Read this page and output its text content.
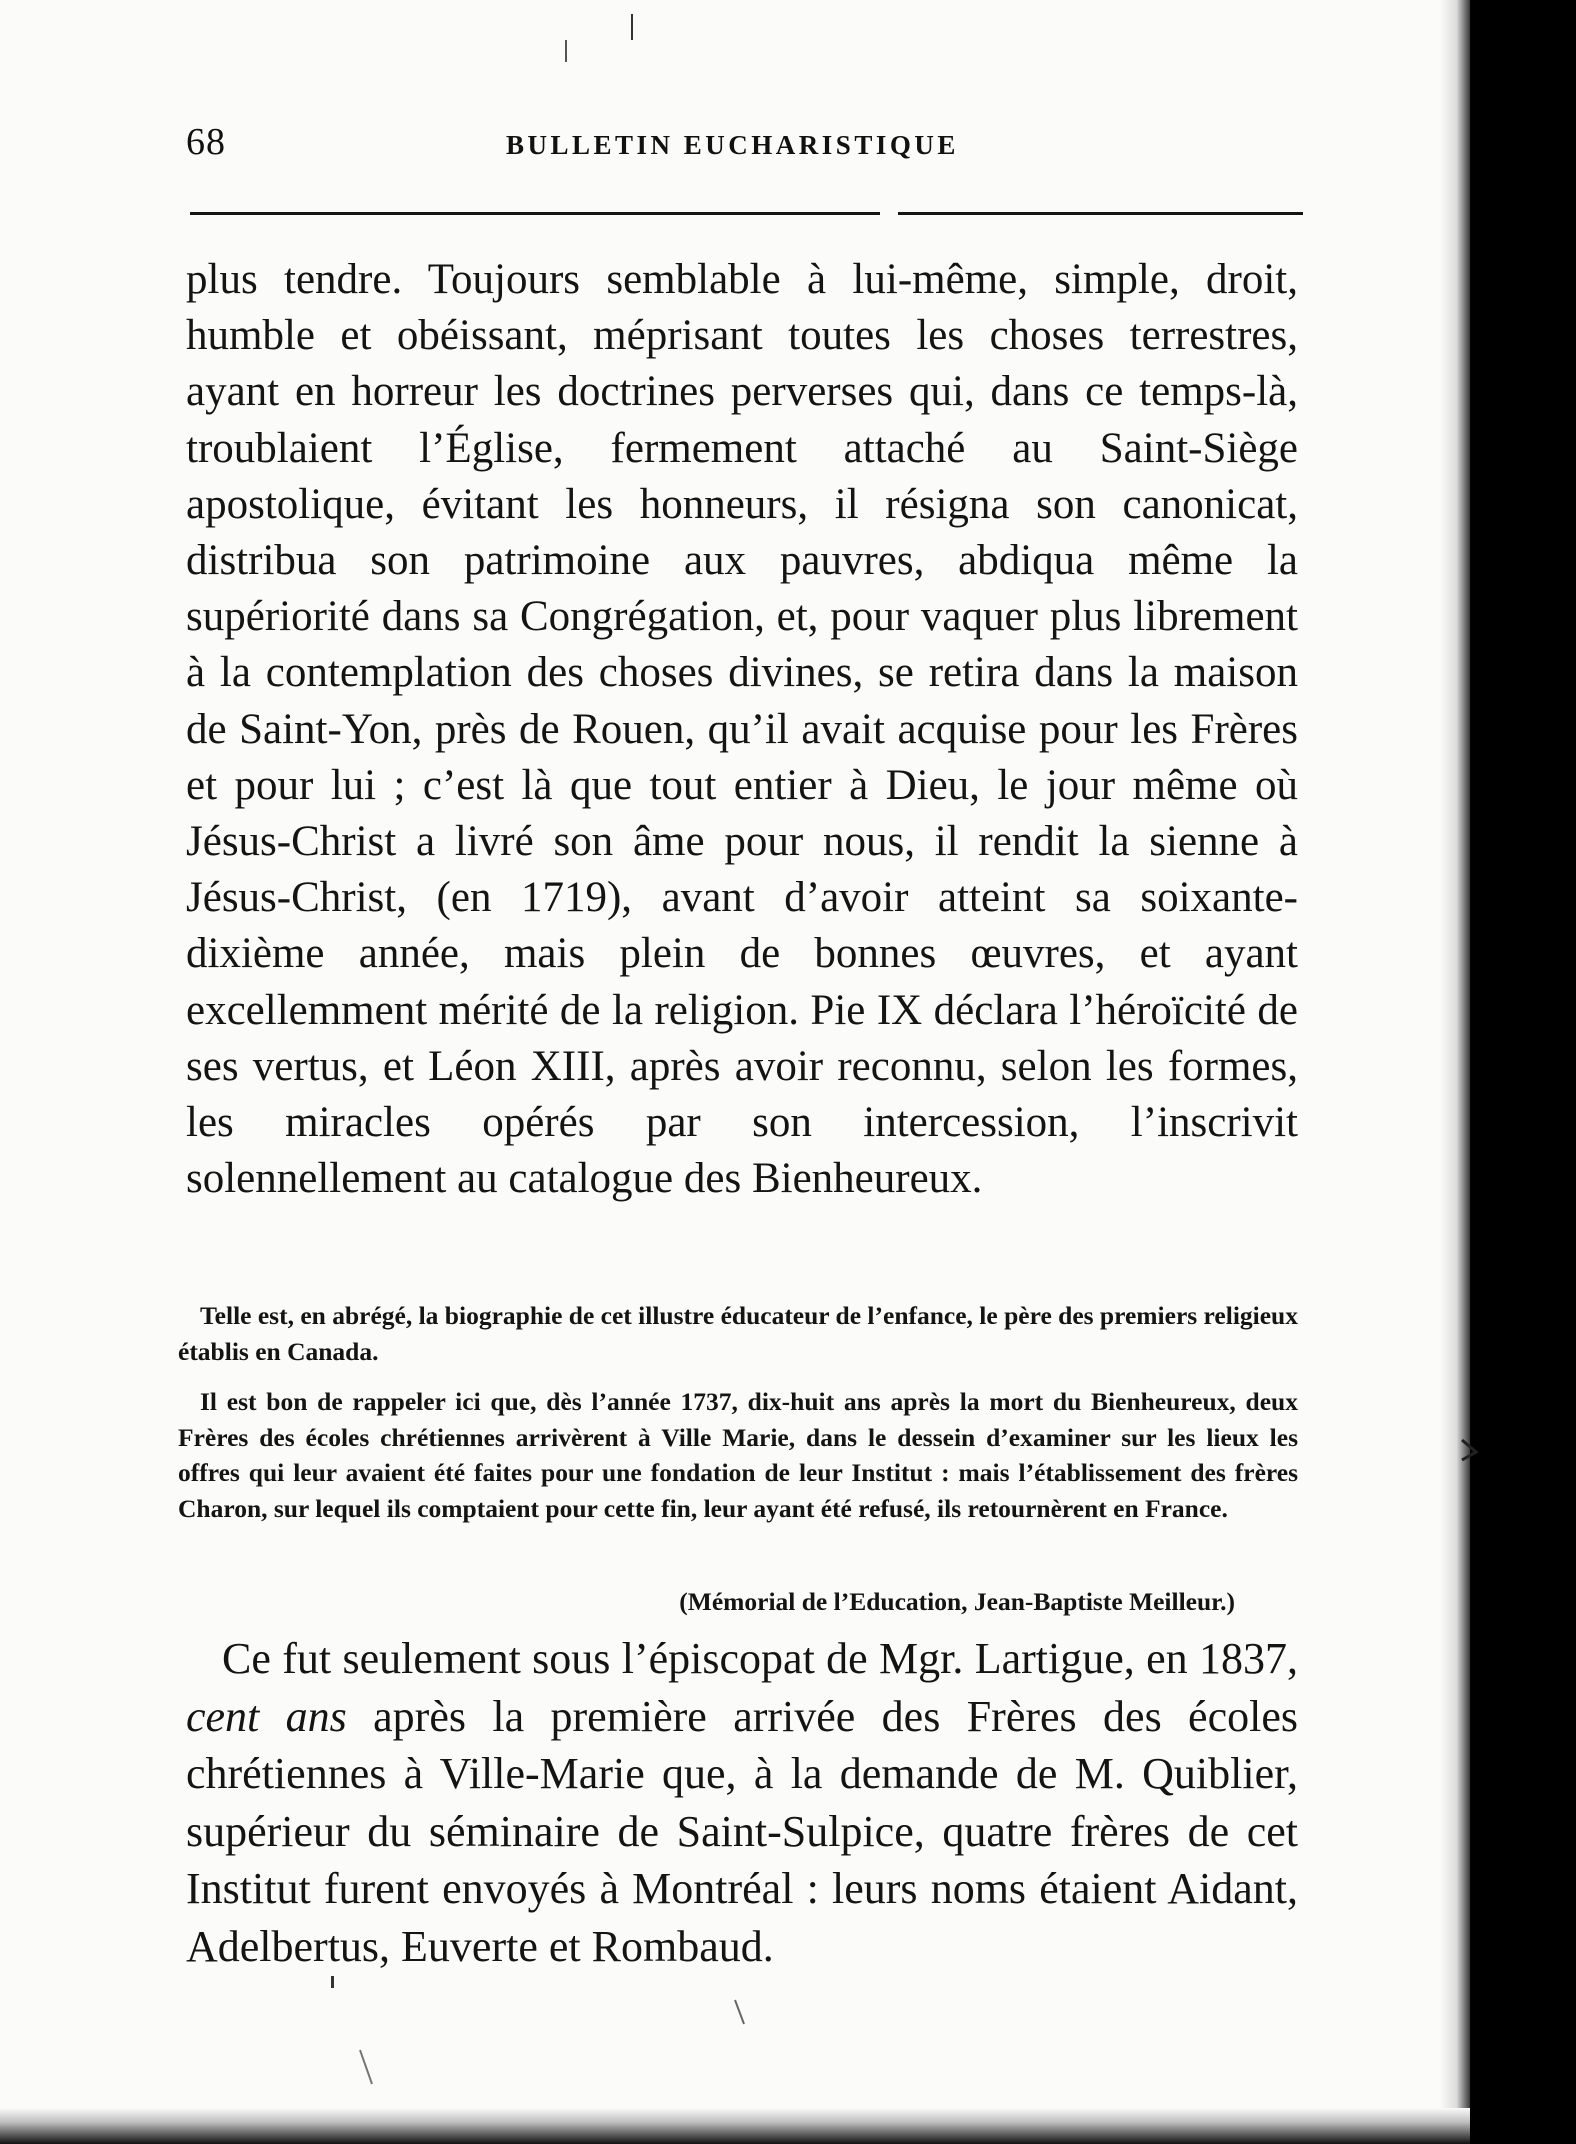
68	BULLETIN EUCHARISTIQUE

plus tendre. Toujours semblable à lui-même, simple, droit, humble et obéissant, méprisant toutes les choses terrestres, ayant en horreur les doctrines perverses qui, dans ce temps-là, troublaient l’Église, fermement attaché au Saint-Siège apostolique, évitant les honneurs, il résigna son canonicat, distribua son patrimoine aux pauvres, abdiqua même la supériorité dans sa Congrégation, et, pour vaquer plus librement à la contemplation des choses divines, se retira dans la maison de Saint-Yon, près de Rouen, qu’il avait acquise pour les Frères et pour lui ; c’est là que tout entier à Dieu, le jour même où Jésus-Christ a livré son âme pour nous, il rendit la sienne à Jésus-Christ, (en 1719), avant d’avoir atteint sa soixante-dixième année, mais plein de bonnes œuvres, et ayant excellemment mérité de la religion. Pie IX déclara l’héroïcité de ses vertus, et Léon XIII, après avoir reconnu, selon les formes, les miracles opérés par son intercession, l’inscrivit solennellement au catalogue des Bienheureux.

Telle est, en abrégé, la biographie de cet illustre éducateur de l’enfance, le père des premiers religieux établis en Canada.

Il est bon de rappeler ici que, dès l’année 1737, dix-huit ans après la mort du Bienheureux, deux Frères des écoles chrétiennes arrivèrent à Ville Marie, dans le dessein d’examiner sur les lieux les offres qui leur avaient été faites pour une fondation de leur Institut : mais l’établissement des frères Charon, sur lequel ils comptaient pour cette fin, leur ayant été refusé, ils retournèrent en France.

(Mémorial de l’Education, Jean-Baptiste Meilleur.)

Ce fut seulement sous l’épiscopat de Mgr. Lartigue, en 1837, cent ans après la première arrivée des Frères des écoles chrétiennes à Ville-Marie que, à la demande de M. Quiblier, supérieur du séminaire de Saint-Sulpice, quatre frères de cet Institut furent envoyés à Montréal : leurs noms étaient Aidant, Adelbertus, Euverte et Rombaud.
